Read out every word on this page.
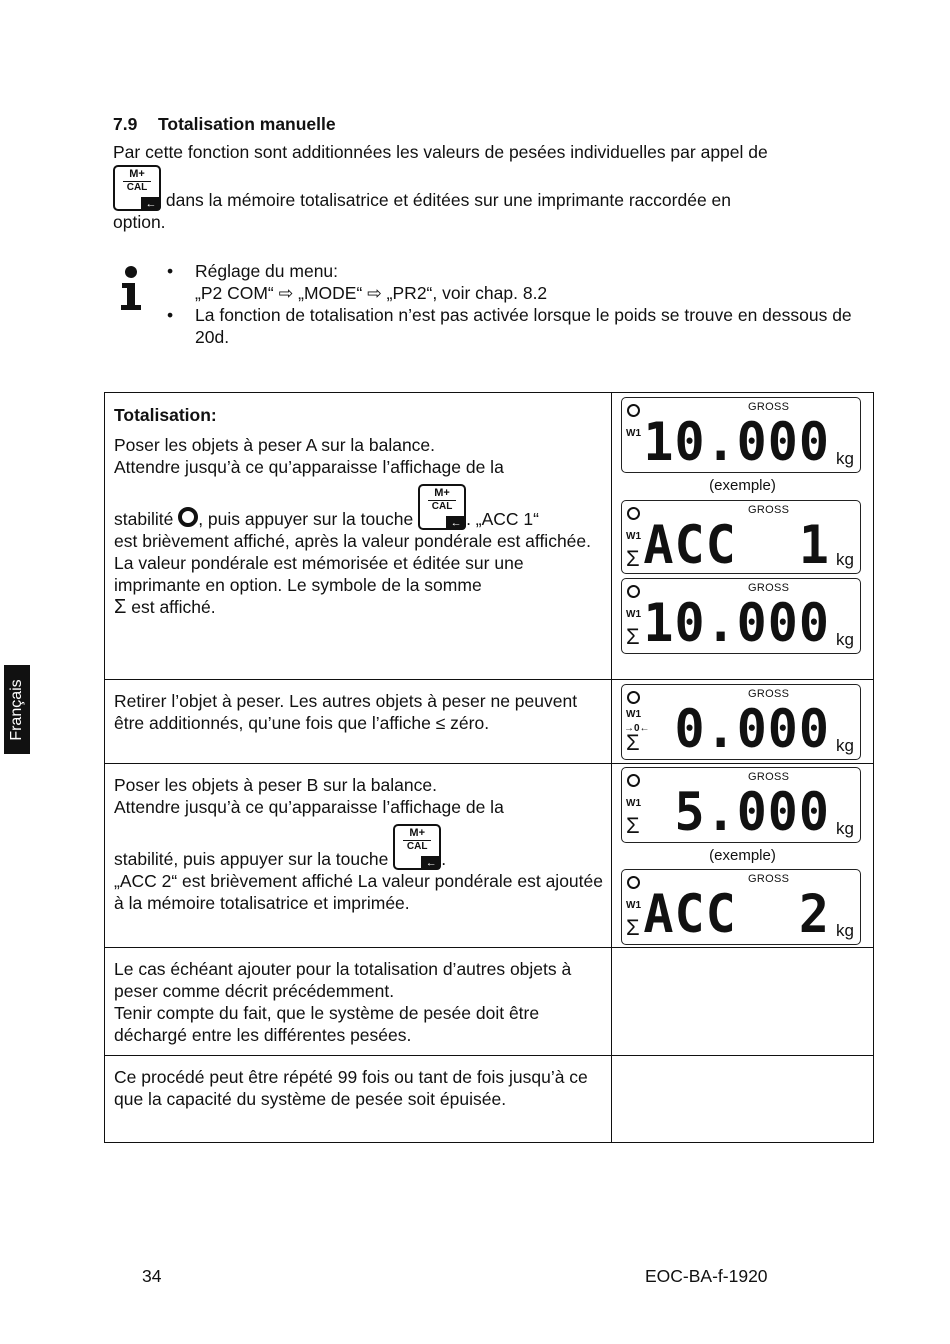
7.9 Totalisation manuelle
Par cette fonction sont additionnées les valeurs de pesées individuelles par appel de
M+
CAL
← dans la mémoire totalisatrice et éditées sur une imprimante raccordée en
option.
• Réglage du menu:
„P2 COM“ ⇨ „MODE“ ⇨ „PR2“, voir chap. 8.2
• La fonction de totalisation n’est pas activée lorsque le poids se trouve en dessous de 20d.
Totalisation:
Poser les objets à peser A sur la balance.
Attendre jusqu’à ce qu’apparaisse l’affichage de la
stabilité , puis appuyer sur la touche
M+
CAL
← . „ACC 1“
est brièvement affiché, après la valeur pondérale est affichée. La valeur pondérale est mémorisée et éditée sur une imprimante en option. Le symbole de la somme
Σ est affiché.
GROSS
W1 10.000 kg
(exemple)
GROSS
W1
Σ ACC  1 kg
GROSS
W1
Σ 10.000 kg
Retirer l’objet à peser. Les autres objets à peser ne peuvent être additionnés, qu’une fois que l’affiche ≤ zéro.
GROSS
W1
→0←
Σ 0.000 kg
Poser les objets à peser B sur la balance.
Attendre jusqu’à ce qu’apparaisse l’affichage de la
stabilité, puis appuyer sur la touche
M+
CAL
← .
„ACC 2“ est brièvement affiché La valeur pondérale est ajoutée à la mémoire totalisatrice et imprimée.
GROSS
W1
Σ 5.000 kg
(exemple)
GROSS
W1
Σ ACC  2 kg
Le cas échéant ajouter pour la totalisation d’autres objets à peser comme décrit précédemment.
Tenir compte du fait, que le système de pesée doit être déchargé entre les différentes pesées.
Ce procédé peut être répété 99 fois ou tant de fois jusqu’à ce que la capacité du système de pesée soit épuisée.
Français
34	EOC-BA-f-1920
